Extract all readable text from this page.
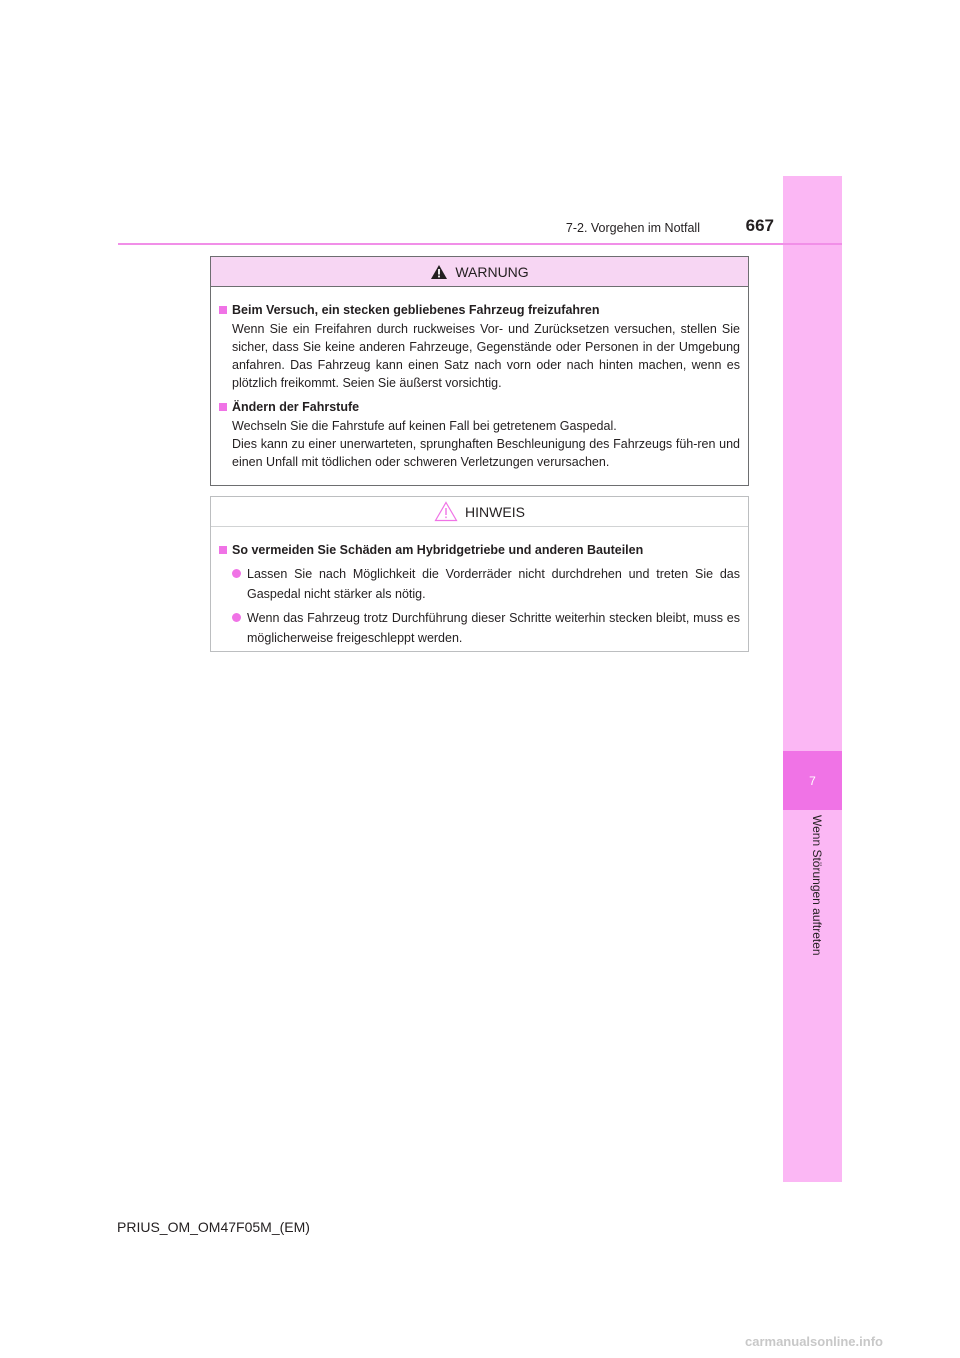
7
Wenn Störungen auftreten
7-2. Vorgehen im Notfall	667
WARNUNG
Beim Versuch, ein stecken gebliebenes Fahrzeug freizufahren
Wenn Sie ein Freifahren durch ruckweises Vor- und Zurücksetzen versuchen, stellen Sie sicher, dass Sie keine anderen Fahrzeuge, Gegenstände oder Personen in der Umgebung anfahren. Das Fahrzeug kann einen Satz nach vorn oder nach hinten machen, wenn es plötzlich freikommt. Seien Sie äußerst vorsichtig.
Ändern der Fahrstufe
Wechseln Sie die Fahrstufe auf keinen Fall bei getretenem Gaspedal.
Dies kann zu einer unerwarteten, sprunghaften Beschleunigung des Fahrzeugs füh-ren und einen Unfall mit tödlichen oder schweren Verletzungen verursachen.
HINWEIS
So vermeiden Sie Schäden am Hybridgetriebe und anderen Bauteilen
Lassen Sie nach Möglichkeit die Vorderräder nicht durchdrehen und treten Sie das Gaspedal nicht stärker als nötig.
Wenn das Fahrzeug trotz Durchführung dieser Schritte weiterhin stecken bleibt, muss es möglicherweise freigeschleppt werden.
PRIUS_OM_OM47F05M_(EM)
carmanualsonline.info
